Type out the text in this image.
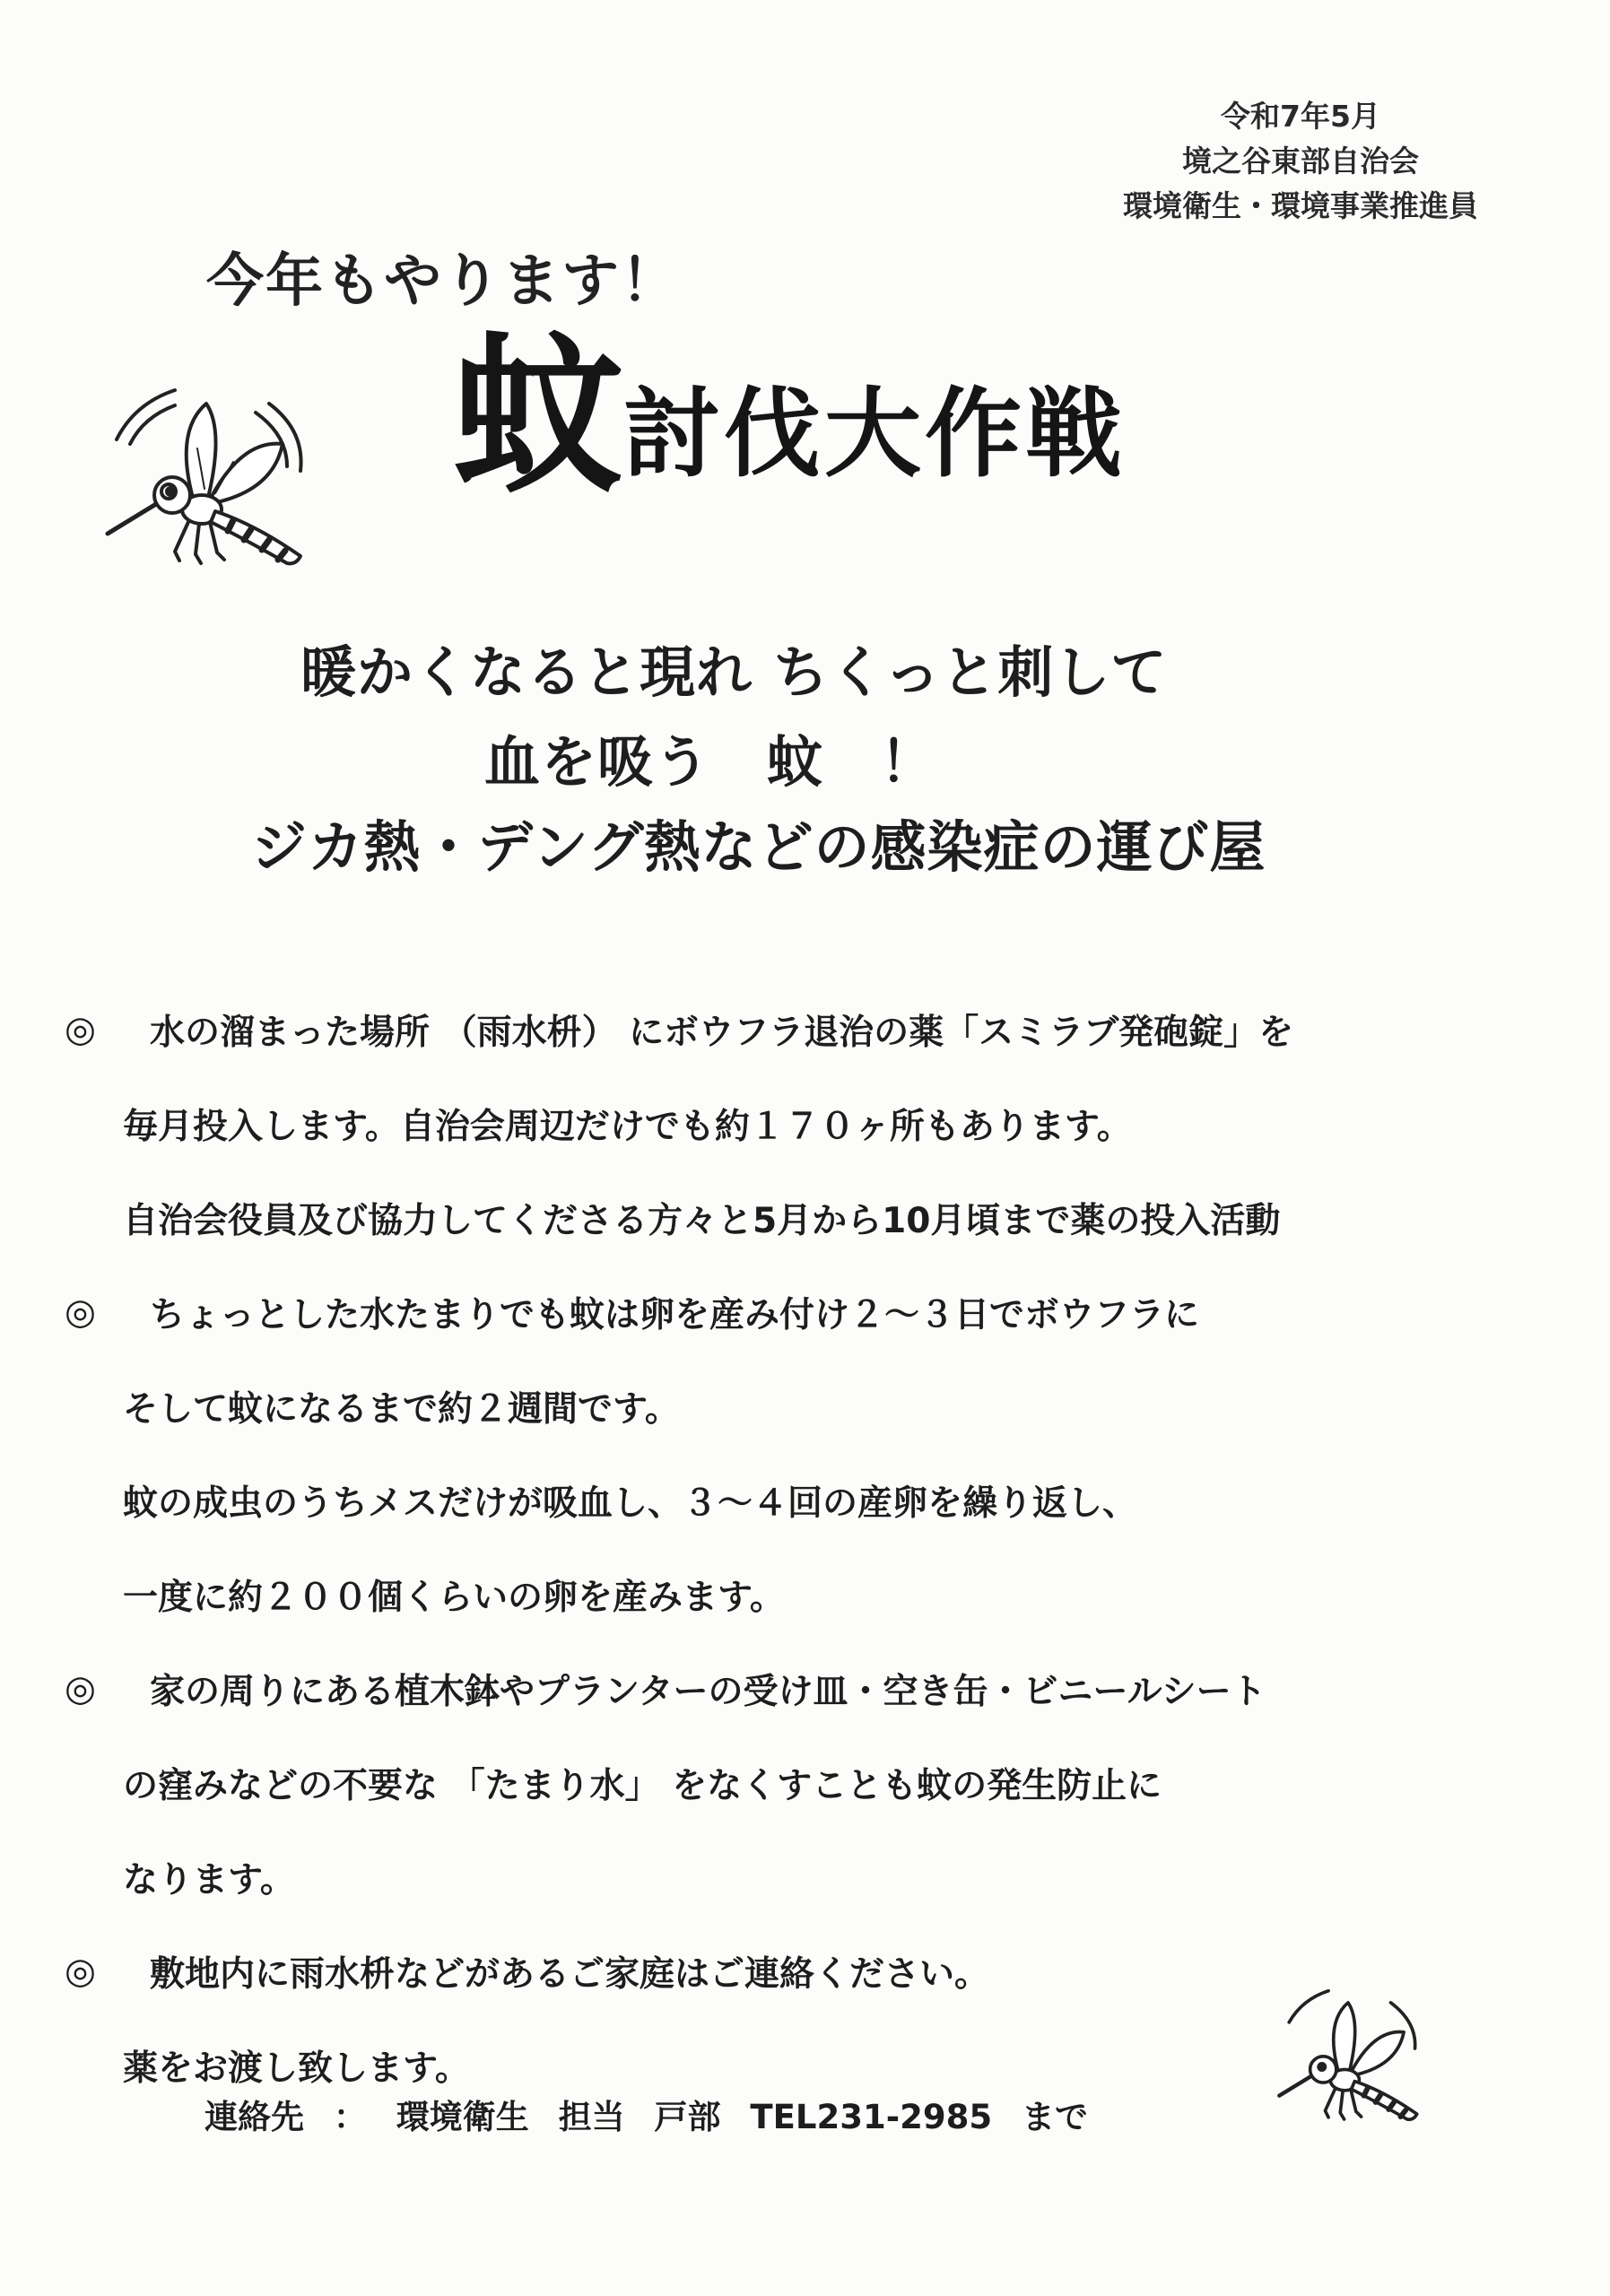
令和7年5月
境之谷東部自治会
環境衛生・環境事業推進員
今年もやります！
蚊討伐大作戦
暖かくなると現れ ちくっと刺して
血を吸う　蚊　！
ジカ熱・デング熱などの感染症の運び屋
◎	水の溜まった場所 （雨水枡） にボウフラ退治の薬「スミラブ発砲錠」を
毎月投入します。自治会周辺だけでも約１７０ヶ所もあります。
自治会役員及び協力してくださる方々と5月から10月頃まで薬の投入活動
◎	ちょっとした水たまりでも蚊は卵を産み付け２～３日でボウフラに
そして蚊になるまで約２週間です。
蚊の成虫のうちメスだけが吸血し、３～４回の産卵を繰り返し、
一度に約２００個くらいの卵を産みます。
◎	家の周りにある植木鉢やプランターの受け皿・空き缶・ビニールシート
の窪みなどの不要な 「たまり水」 をなくすことも蚊の発生防止に
なります。
◎	敷地内に雨水枡などがあるご家庭はご連絡ください。
薬をお渡し致します。
連絡先 ： 環境衛生 担当 戸部 TEL231-2985 まで
